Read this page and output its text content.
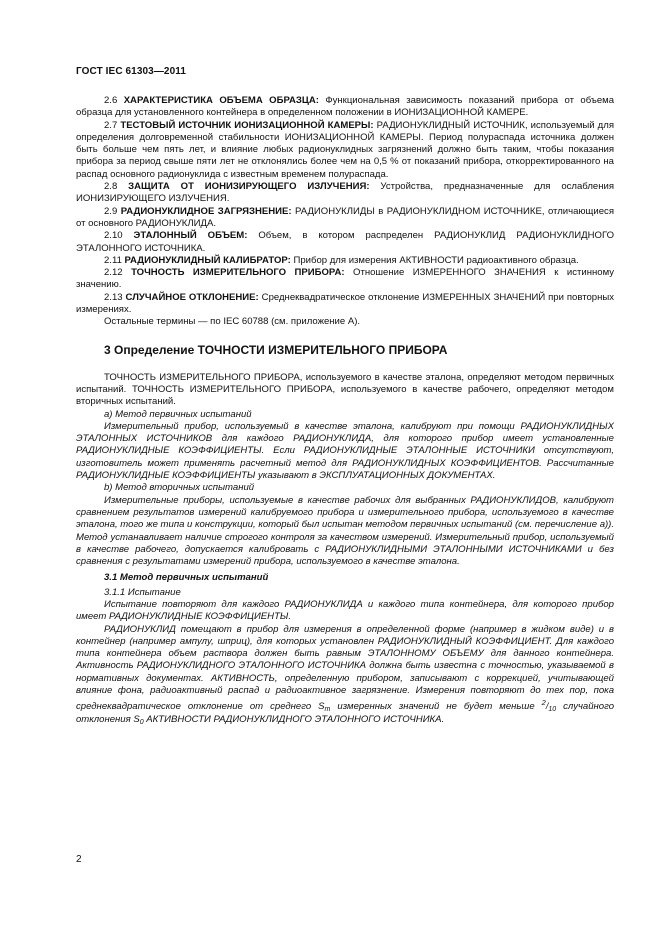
ГОСТ IEC 61303—2011

2.6 ХАРАКТЕРИСТИКА ОБЪЕМА ОБРАЗЦА: Функциональная зависимость показаний прибора от объема образца для установленного контейнера в определенном положении в ИОНИЗАЦИОННОЙ КАМЕРЕ.

2.7 ТЕСТОВЫЙ ИСТОЧНИК ИОНИЗАЦИОННОЙ КАМЕРЫ: РАДИОНУКЛИДНЫЙ ИСТОЧНИК, используемый для определения долговременной стабильности ИОНИЗАЦИОННОЙ КАМЕРЫ. Период полураспада источника должен быть больше чем пять лет, и влияние любых радионуклидных загрязнений должно быть таким, чтобы показания прибора за период свыше пяти лет не отклонялись более чем на 0,5 % от показаний прибора, откорректированного на распад основного радионуклида с известным временем полураспада.

2.8 ЗАЩИТА ОТ ИОНИЗИРУЮЩЕГО ИЗЛУЧЕНИЯ: Устройства, предназначенные для ослабления ИОНИЗИРУЮЩЕГО ИЗЛУЧЕНИЯ.

2.9 РАДИОНУКЛИДНОЕ ЗАГРЯЗНЕНИЕ: РАДИОНУКЛИДЫ в РАДИОНУКЛИДНОМ ИСТОЧНИКЕ, отличающиеся от основного РАДИОНУКЛИДА.

2.10 ЭТАЛОННЫЙ ОБЪЕМ: Объем, в котором распределен РАДИОНУКЛИД РАДИОНУКЛИДНОГО ЭТАЛОННОГО ИСТОЧНИКА.

2.11 РАДИОНУКЛИДНЫЙ КАЛИБРАТОР: Прибор для измерения АКТИВНОСТИ радиоактивного образца.

2.12 ТОЧНОСТЬ ИЗМЕРИТЕЛЬНОГО ПРИБОРА: Отношение ИЗМЕРЕННОГО ЗНАЧЕНИЯ к истинному значению.

2.13 СЛУЧАЙНОЕ ОТКЛОНЕНИЕ: Среднеквадратическое отклонение ИЗМЕРЕННЫХ ЗНАЧЕНИЙ при повторных измерениях.

Остальные термины — по IEC 60788 (см. приложение А).

3 Определение ТОЧНОСТИ ИЗМЕРИТЕЛЬНОГО ПРИБОРА

ТОЧНОСТЬ ИЗМЕРИТЕЛЬНОГО ПРИБОРА, используемого в качестве эталона, определяют методом первичных испытаний. ТОЧНОСТЬ ИЗМЕРИТЕЛЬНОГО ПРИБОРА, используемого в качестве рабочего, определяют методом вторичных испытаний.

a) Метод первичных испытаний

Измерительный прибор, используемый в качестве эталона, калибруют при помощи РАДИОНУКЛИДНЫХ ЭТАЛОННЫХ ИСТОЧНИКОВ для каждого РАДИОНУКЛИДА, для которого прибор имеет установленные РАДИОНУКЛИДНЫЕ КОЭФФИЦИЕНТЫ. Если РАДИОНУКЛИДНЫЕ ЭТАЛОННЫЕ ИСТОЧНИКИ отсутствуют, изготовитель может применять расчетный метод для РАДИОНУКЛИДНЫХ КОЭФФИЦИЕНТОВ. Рассчитанные РАДИОНУКЛИДНЫЕ КОЭФФИЦИЕНТЫ указывают в ЭКСПЛУАТАЦИОННЫХ ДОКУМЕНТАХ.

b) Метод вторичных испытаний

Измерительные приборы, используемые в качестве рабочих для выбранных РАДИОНУКЛИДОВ, калибруют сравнением результатов измерений калибруемого прибора и измерительного прибора, используемого в качестве эталона, того же типа и конструкции, который был испытан методом первичных испытаний (см. перечисление а)). Метод устанавливает наличие строгого контроля за качеством измерений. Измерительный прибор, используемый в качестве рабочего, допускается калибровать с РАДИОНУКЛИДНЫМИ ЭТАЛОННЫМИ ИСТОЧНИКАМИ и без сравнения с результатами измерений прибора, используемого в качестве эталона.

3.1 Метод первичных испытаний

3.1.1 Испытание

Испытание повторяют для каждого РАДИОНУКЛИДА и каждого типа контейнера, для которого прибор имеет РАДИОНУКЛИДНЫЕ КОЭФФИЦИЕНТЫ.

РАДИОНУКЛИД помещают в прибор для измерения в определенной форме (например в жидком виде) и в контейнер (например ампулу, шприц), для которых установлен РАДИОНУКЛИДНЫЙ КОЭФФИЦИЕНТ. Для каждого типа контейнера объем раствора должен быть равным ЭТАЛОННОМУ ОБЪЕМУ для данного контейнера. Активность РАДИОНУКЛИДНОГО ЭТАЛОННОГО ИСТОЧНИКА должна быть известна с точностью, указываемой в нормативных документах. АКТИВНОСТЬ, определенную прибором, записывают с коррекцией, учитывающей влияние фона, радиоактивный распад и радиоактивное загрязнение. Измерения повторяют до тех пор, пока среднеквадратическое отклонение от среднего $S_m$ измеренных значений не будет меньше $^2/_{10}$ случайного отклонения $S_0$ АКТИВНОСТИ РАДИОНУКЛИДНОГО ЭТАЛОННОГО ИСТОЧНИКА.

2
